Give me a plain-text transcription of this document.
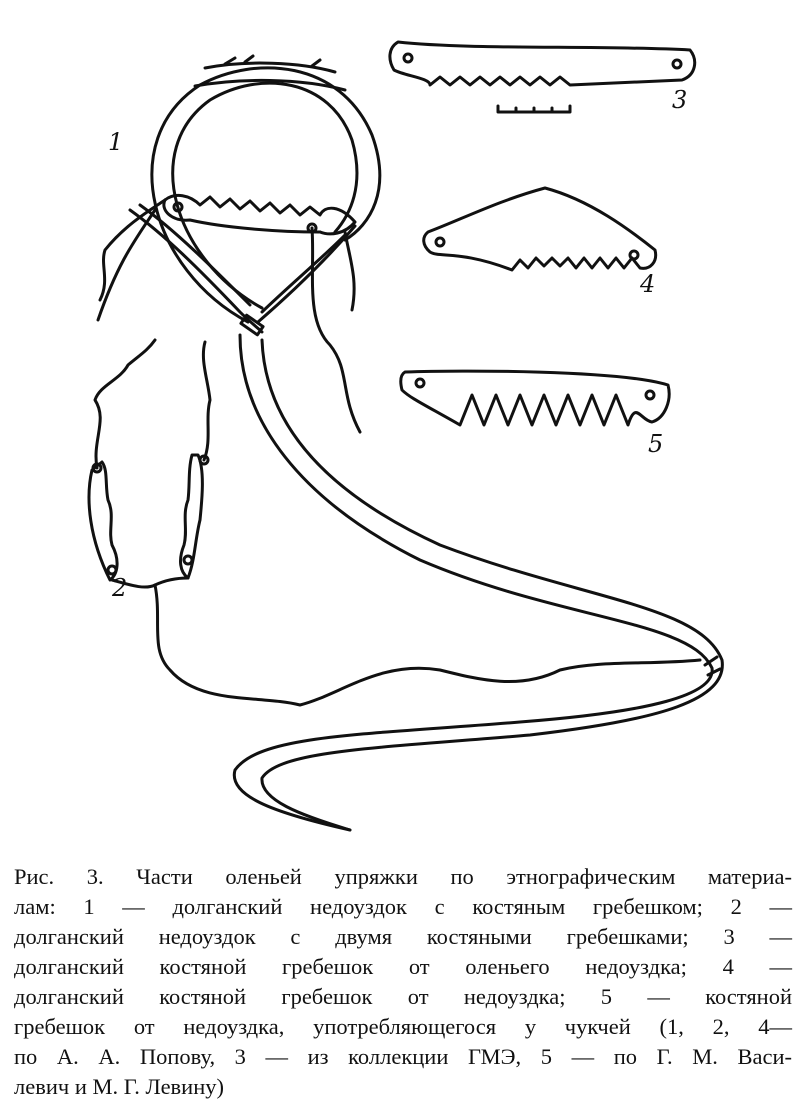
1
2
3
4
5

Рис. 3. Части оленьей упряжки по этнографическим материа-
лам: 1 — долганский недоуздок с костяным гребешком; 2 —
долганский недоуздок с двумя костяными гребешками; 3 —
долганский костяной гребешок от оленьего недоуздка; 4 —
долганский костяной гребешок от недоуздка; 5 — костяной
гребешок от недоуздка, употребляющегося у чукчей (1, 2, 4—
по А. А. Попову, 3 — из коллекции ГМЭ, 5 — по Г. М. Васи-
левич и М. Г. Левину)
